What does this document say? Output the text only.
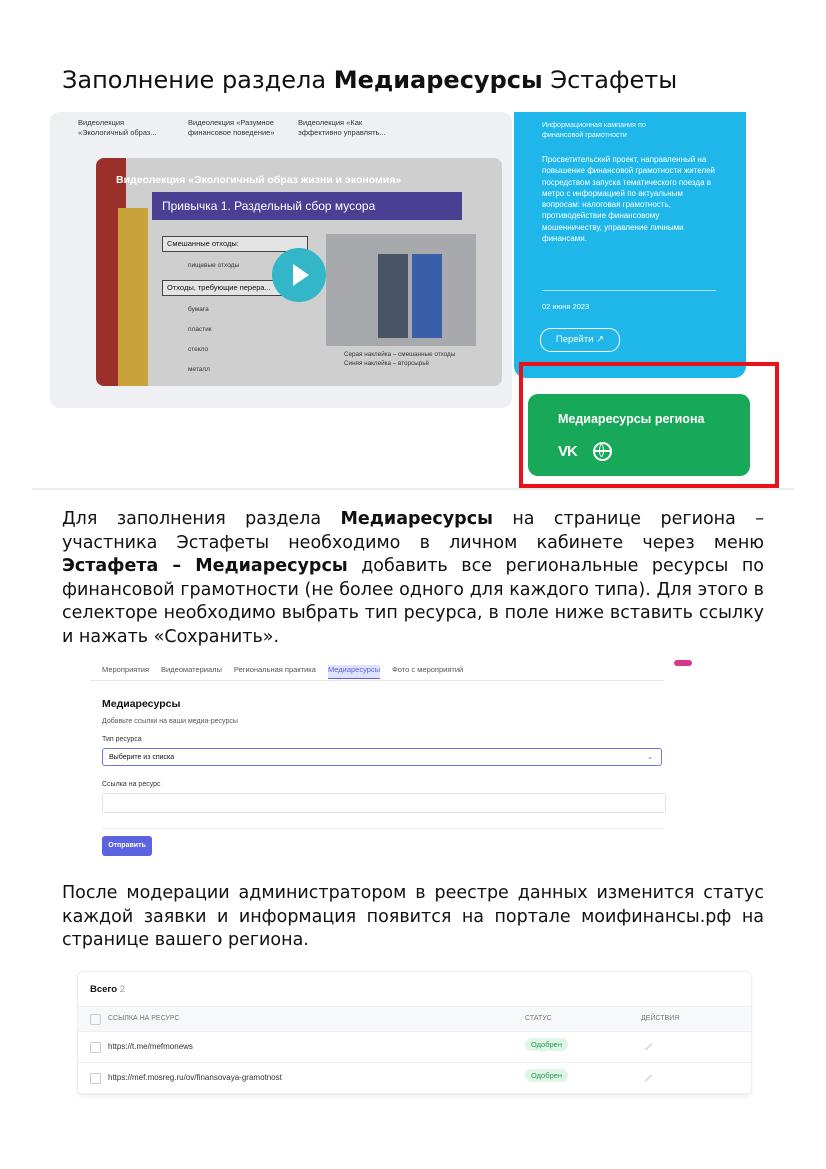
Заполнение раздела Медиаресурсы Эстафеты
Видеолекция «Экологичный образ...
Видеолекция «Разумное финансовое поведение»
Видеолекция «Как эффективно управлять...
Видеолекция «Экологичный образ жизни и экономия»
Привычка 1. Раздельный сбор мусора
Смешанные отходы:
пищевые отходы
Отходы, требующие перера...
бумага
пластик
стекло
металл
Серая наклейка – смешанные отходы
Синяя наклейка – вторсырьё
Информационная кампания по финансовой грамотности
Просветительский проект, направленный на повышение финансовой грамотности жителей посредством запуска тематического поезда в метро с информацией по актуальным вопросам: налоговая грамотность, противодействие финансовому мошенничеству, управление личными финансами.
02 июня 2023
Перейти ↗
Медиаресурсы региона
VK
Для заполнения раздела Медиаресурсы на странице региона – участника Эстафеты необходимо в личном кабинете через меню Эстафета – Медиаресурсы добавить все региональные ресурсы по финансовой грамотности (не более одного для каждого типа). Для этого в селекторе необходимо выбрать тип ресурса, в поле ниже вставить ссылку и нажать «Сохранить».
Мероприятия Видеоматериалы Региональная практика Медиаресурсы Фото с мероприятий
Медиаресурсы
Добавьте ссылки на ваши медиа-ресурсы
Тип ресурса
Выберите из списка	⌄
Ссылка на ресурс
Отправить
После модерации администратором в реестре данных изменится статус каждой заявки и информация появится на портале моифинансы.рф на странице вашего региона.
Всего 2
ССЫЛКА НА РЕСУРС	СТАТУС	ДЕЙСТВИЯ
https://t.me/mefmonews	Одобрен
https://mef.mosreg.ru/ov/finansovaya-gramotnost	Одобрен
